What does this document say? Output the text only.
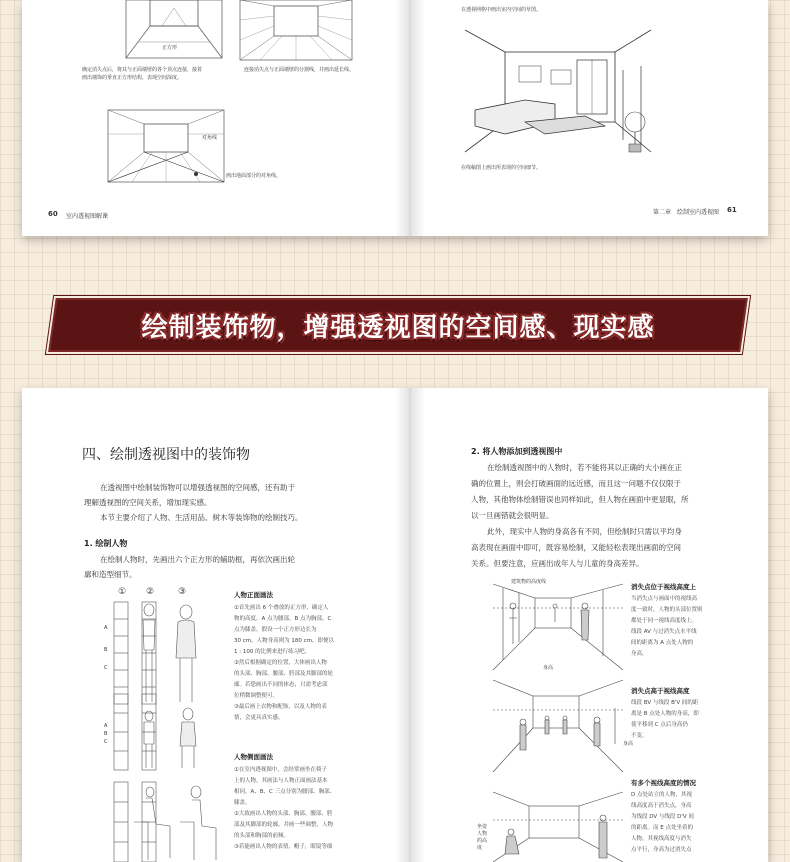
正方形
确定消失点后，将其与正面墙壁的各个顶点连接，接着画出墙饰的垂直正方形结构，表现空间深度。
连接消失点与正面墙壁的分割线，并画出延长线。
对角线
画出地面部分的对角线。
60 室内透视图解课
在透视网格中画出室内空间的草图。
在线稿图上画出所表现的空间细节。
第二章　绘制室内透视图 61
绘制装饰物，增强透视图的空间感、现实感
四、绘制透视图中的装饰物
在透视图中绘制装饰物可以增强透视图的空间感，还有助于
理解透视图的空间关系，增加现实感。
本节主要介绍了人物、生活用品、树木等装饰物的绘制技巧。
1. 绘制人物
在绘制人物时，先画出六个正方形的辅助框，再依次画出轮
廓和造型细节。
① ②	③
A
B
C
A
B
C
人物正面画法
①首先画出 6 个叠放的正方形，确定人
物的高度。A 点为腰部，B 点为胸部，C
点为膝盖。假设一个正方形边长为
30 cm，人物身高则为 180 cm，即便以
1 : 100 的比例来进行练习吧。
②然后根据确定的位置，大体画出人物
的头部、胸部、腰部、胯部及其脚部的轮
廓。若您画出不同的体态，只需考虑部
位稍微调整便可。
③最后画上衣物和配饰，以及人物的表
情，会更具真实感。
人物侧面画法
①在室内透视图中，会经常画坐在椅子
上的人物。其画法与人物正面画法基本
相同。A、B、C 三点分别为腰部、胸部、
膝盖。
②大致画出人物的头部、胸部、腰部、胯
部及其脚部的轮廓，并画一些调整，人物
的头部和胸部的前倾。
③若能画出人物的表情，帽子，眼镜等细
2. 将人物添加到透视图中
在绘制透视图中的人物时，若不能将其以正确的大小画在正
确的位置上，则会打破画面的远近感，而且这一问题不仅仅限于
人物，其他物体绘制错误也同样如此，但人物在画面中更显眼，所
以一旦画错就会很明显。
此外，现实中人物的身高各有不同，但绘制时只需以平均身
高表现在画面中即可，既容易绘制，又能轻松表现出画面的空间
关系。但要注意，应画出成年人与儿童的身高差异。
建筑物的高度线
身高
消失点位于视线高度上
当消失点与画面中的视线高
度一致时，人物的头部位置则
都处于同一视线高度线上。
线段 AV 与过消失点水平线
间的距离为 A 点处人物的
身高。
身高
消失点高于视线高度
线段 BV 与线段 B'V 间的距
离是 B 点处人物的身高，即
使平移到 C 点后身高仍
不变。
坐姿人物的高度
有多个视线高度的情况
D 点处站立的人物，其视
线高度高于消失点，身高
为线段 DV 与线段 D'V 间
的距离。而 E 点处坐着的
人物，其视线高度与消失
点平行，身高为过消失点
